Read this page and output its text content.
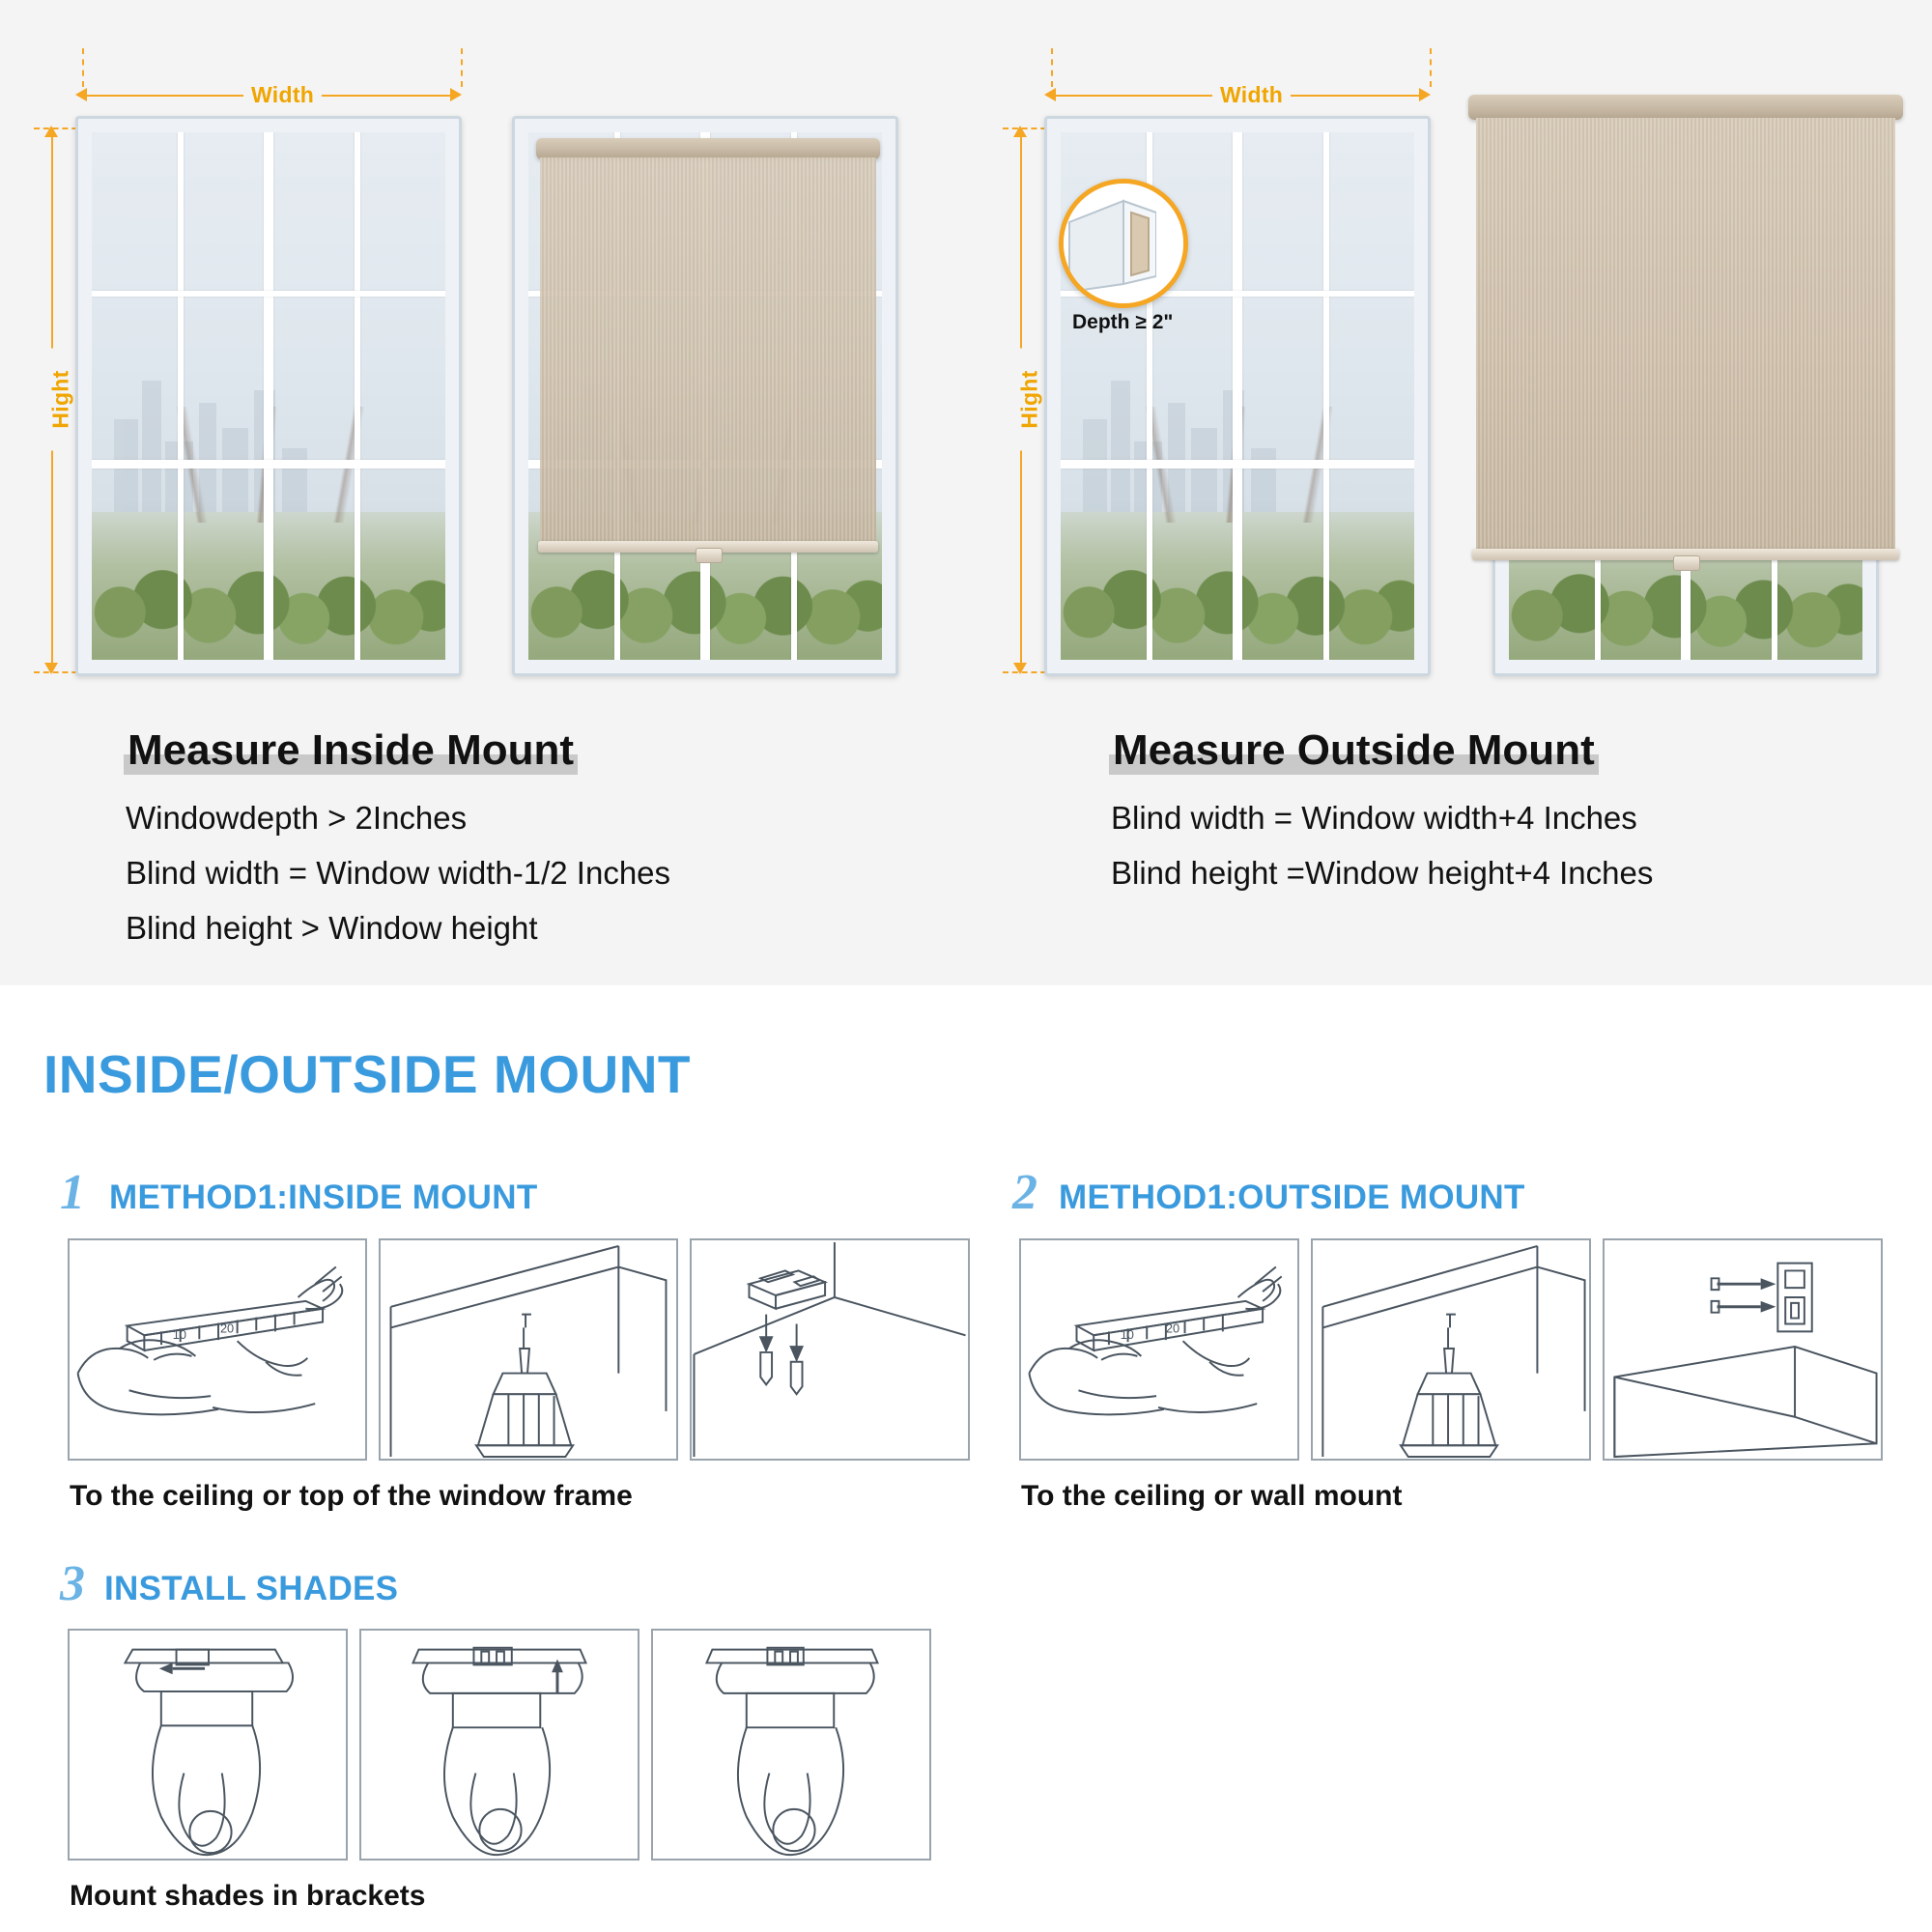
Width
Hight
Measure Inside Mount
Windowdepth > 2Inches
Blind width = Window width-1/2 Inches
Blind height > Window height
Width
Hight
Depth ≥ 2"
Measure Outside Mount
Blind width = Window width+4 Inches
Blind height =Window height+4 Inches
INSIDE/OUTSIDE MOUNT
1 METHOD1:INSIDE MOUNT
10	20
To the ceiling or top of the window frame
2 METHOD1:OUTSIDE MOUNT
10	20
To the ceiling or wall mount
3 INSTALL SHADES
Mount shades in brackets
